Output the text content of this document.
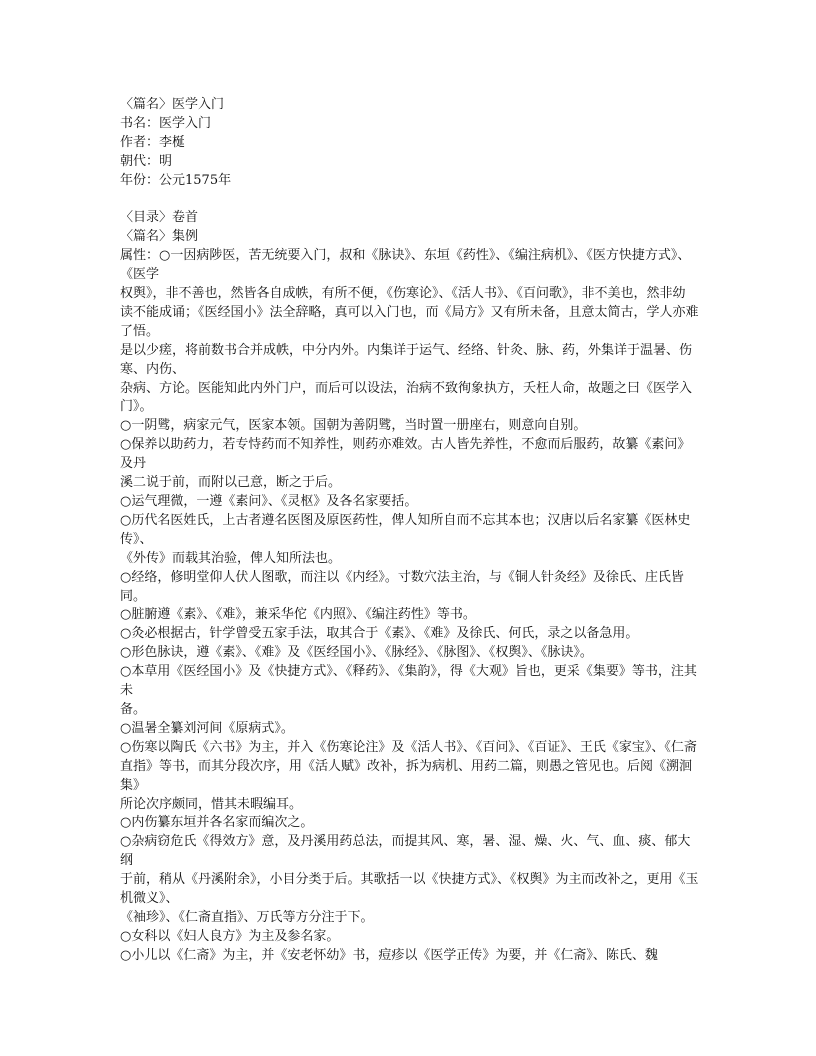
〈篇名〉医学入门
书名：医学入门
作者：李梴
朝代：明
年份：公元1575年
〈目录〉卷首
〈篇名〉集例
属性：○一因病陟医，苦无统要入门，叔和《脉诀》、东垣《药性》、《编注病机》、《医方快捷方式》、《医学
权舆》，非不善也，然皆各自成帙，有所不便，《伤寒论》、《活人书》、《百问歌》，非不美也，然非幼
读不能成诵；《医经国小》法全辞略，真可以入门也，而《局方》又有所未备，且意太简古，学人亦难了悟。
是以少瘥，将前数书合并成帙，中分内外。内集详于运气、经络、针灸、脉、药，外集详于温暑、伤寒、内伤、
杂病、方论。医能知此内外门户，而后可以设法，治病不致徇象执方，夭枉人命，故题之曰《医学入门》。
○一阴骘，病家元气，医家本领。国朝为善阴骘，当时置一册座右，则意向自别。
○保养以助药力，若专恃药而不知养性，则药亦难效。古人皆先养性，不愈而后服药，故纂《素问》及丹
溪二说于前，而附以己意，断之于后。
○运气理微，一遵《素问》、《灵枢》及各名家要括。
○历代名医姓氏，上古者遵名医图及原医药性，俾人知所自而不忘其本也；汉唐以后名家纂《医林史传》、
《外传》而载其治验，俾人知所法也。
○经络，修明堂仰人伏人图歌，而注以《内经》。寸数穴法主治，与《铜人针灸经》及徐氏、庄氏皆同。
○脏腑遵《素》、《难》，兼采华佗《内照》、《编注药性》等书。
○灸必根据古，针学曾受五家手法，取其合于《素》、《难》及徐氏、何氏，录之以备急用。
○形色脉诀，遵《素》、《难》及《医经国小》、《脉经》、《脉图》、《权舆》、《脉诀》。
○本草用《医经国小》及《快捷方式》、《释药》、《集韵》，得《大观》旨也，更采《集要》等书，注其未
备。
○温暑全纂刘河间《原病式》。
○伤寒以陶氏《六书》为主，并入《伤寒论注》及《活人书》、《百问》、《百证》、王氏《家宝》、《仁斋直指》等书，而其分段次序，用《活人赋》改补，拆为病机、用药二篇，则愚之管见也。后阅《溯洄集》
所论次序颇同，惜其未暇编耳。
○内伤纂东垣并各名家而编次之。
○杂病窃危氏《得效方》意，及丹溪用药总法，而提其风、寒，暑、湿、燥、火、气、血、痰、郁大纲
于前，稍从《丹溪附余》，小目分类于后。其歌括一以《快捷方式》、《权舆》为主而改补之，更用《玉机微义》、
《袖珍》、《仁斋直指》、万氏等方分注于下。
○女科以《妇人良方》为主及参名家。
○小儿以《仁斋》为主，并《安老怀幼》书，痘疹以《医学正传》为要，并《仁斋》、陈氏、魏
